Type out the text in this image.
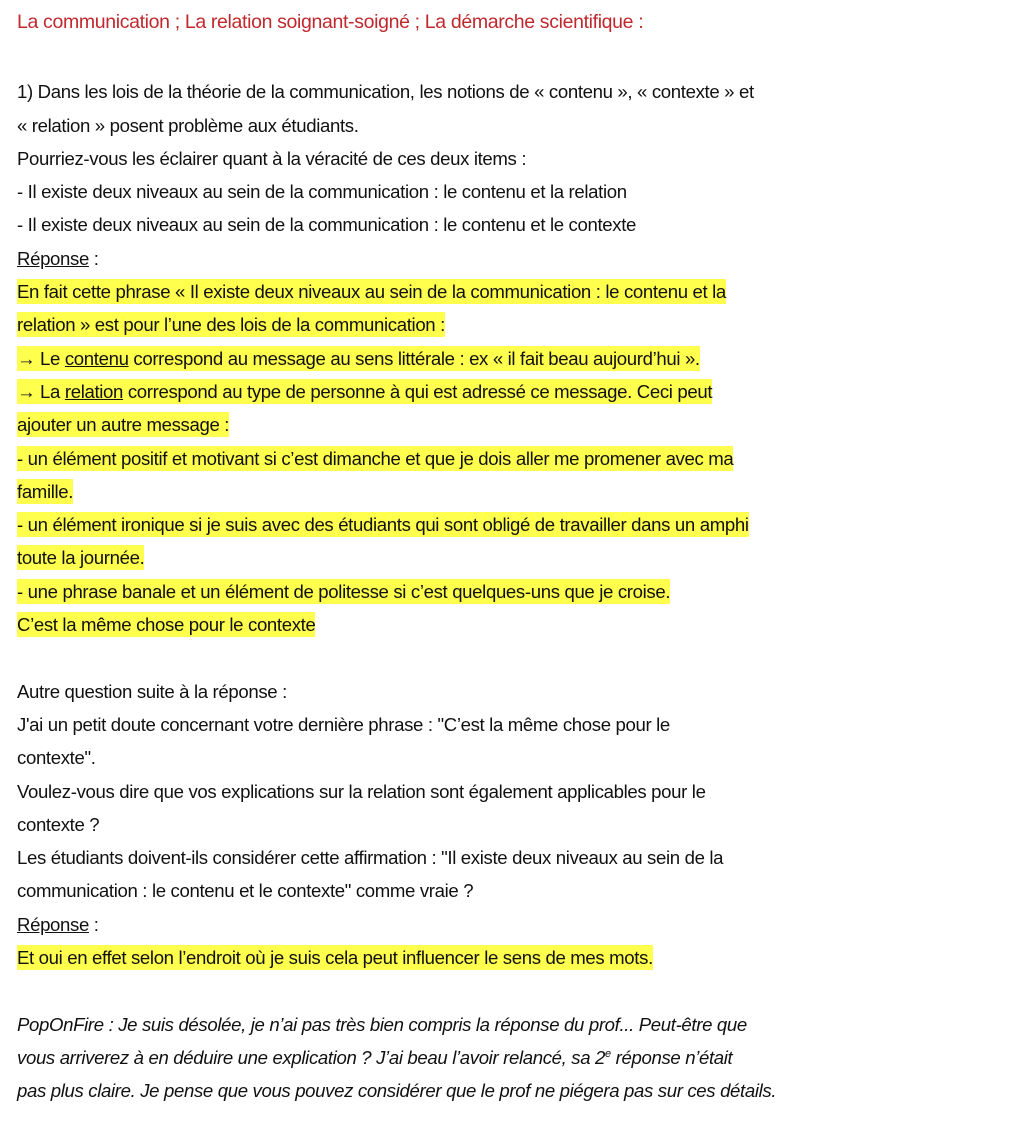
La communication ; La relation soignant-soigné ; La démarche scientifique :
1) Dans les lois de la théorie de la communication, les notions de « contenu », « contexte » et
« relation » posent problème aux étudiants.
Pourriez-vous les éclairer quant à la véracité de ces deux items :
- Il existe deux niveaux au sein de la communication : le contenu et la relation
- Il existe deux niveaux au sein de la communication : le contenu et le contexte
Réponse :
En fait cette phrase « Il existe deux niveaux au sein de la communication : le contenu et la
relation » est pour l’une des lois de la communication :
→ Le contenu correspond au message au sens littérale : ex « il fait beau aujourd’hui ».
→ La relation correspond au type de personne à qui est adressé ce message. Ceci peut
ajouter un autre message :
- un élément positif et motivant si c’est dimanche et que je dois aller me promener avec ma
famille.
- un élément ironique si je suis avec des étudiants qui sont obligé de travailler dans un amphi
toute la journée.
- une phrase banale et un élément de politesse si c’est quelques-uns que je croise.
C’est la même chose pour le contexte
Autre question suite à la réponse :
J'ai un petit doute concernant votre dernière phrase : "C’est la même chose pour le
contexte".
Voulez-vous dire que vos explications sur la relation sont également applicables pour le
contexte ?
Les étudiants doivent-ils considérer cette affirmation : "Il existe deux niveaux au sein de la
communication : le contenu et le contexte" comme vraie ?
Réponse :
Et oui en effet selon l’endroit où je suis cela peut influencer le sens de mes mots.
PopOnFire : Je suis désolée, je n’ai pas très bien compris la réponse du prof... Peut-être que
vous arriverez à en déduire une explication ? J’ai beau l’avoir relancé, sa 2e réponse n’était
pas plus claire. Je pense que vous pouvez considérer que le prof ne piégera pas sur ces détails.
